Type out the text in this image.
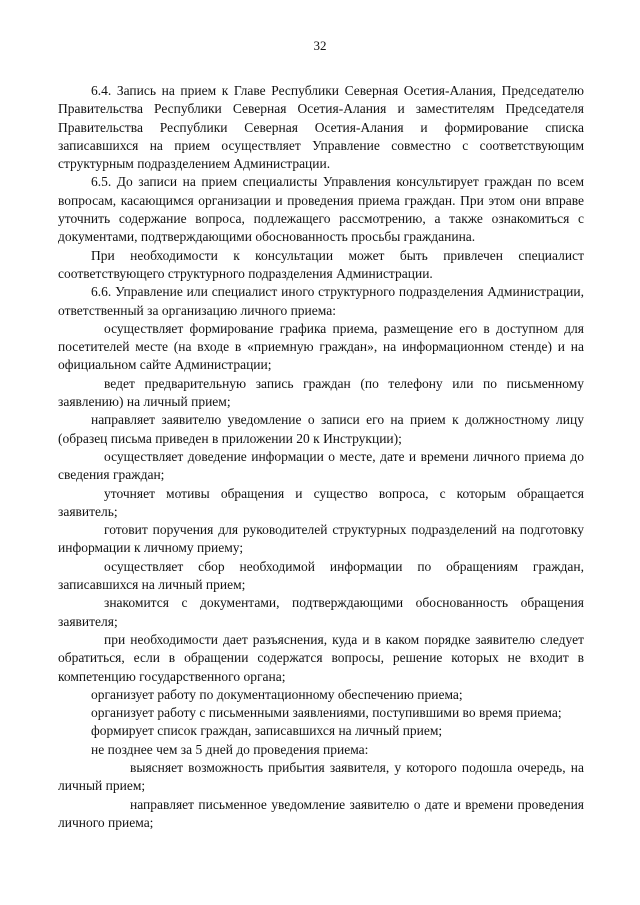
32

6.4. Запись на прием к Главе Республики Северная Осетия-Алания, Председателю Правительства Республики Северная Осетия-Алания и заместителям Председателя Правительства Республики Северная Осетия-Алания и формирование списка записавшихся на прием осуществляет Управление совместно с соответствующим структурным подразделением Администрации.

6.5. До записи на прием специалисты Управления консультирует граждан по всем вопросам, касающимся организации и проведения приема граждан. При этом они вправе уточнить содержание вопроса, подлежащего рассмотрению, а также ознакомиться с документами, подтверждающими обоснованность просьбы гражданина.

При необходимости к консультации может быть привлечен специалист соответствующего структурного подразделения Администрации.

6.6. Управление или специалист иного структурного подразделения Администрации, ответственный за организацию личного приема:

осуществляет формирование графика приема, размещение его в доступном для посетителей месте (на входе в «приемную граждан», на информационном стенде) и на официальном сайте Администрации;

ведет предварительную запись граждан (по телефону или по письменному заявлению) на личный прием;

направляет заявителю уведомление о записи его на прием к должностному лицу (образец письма приведен в приложении 20 к Инструкции);

осуществляет доведение информации о месте, дате и времени личного приема до сведения граждан;

уточняет мотивы обращения и существо вопроса, с которым обращается заявитель;

готовит поручения для руководителей структурных подразделений на подготовку информации к личному приему;

осуществляет сбор необходимой информации по обращениям граждан, записавшихся на личный прием;

знакомится с документами, подтверждающими обоснованность обращения заявителя;

при необходимости дает разъяснения, куда и в каком порядке заявителю следует обратиться, если в обращении содержатся вопросы, решение которых не входит в компетенцию государственного органа;

организует работу по документационному обеспечению приема;

организует работу с письменными заявлениями, поступившими во время приема;

формирует список граждан, записавшихся на личный прием;

не позднее чем за 5 дней до проведения приема:

выясняет возможность прибытия заявителя, у которого подошла очередь, на личный прием;

направляет письменное уведомление заявителю о дате и времени проведения личного приема;
